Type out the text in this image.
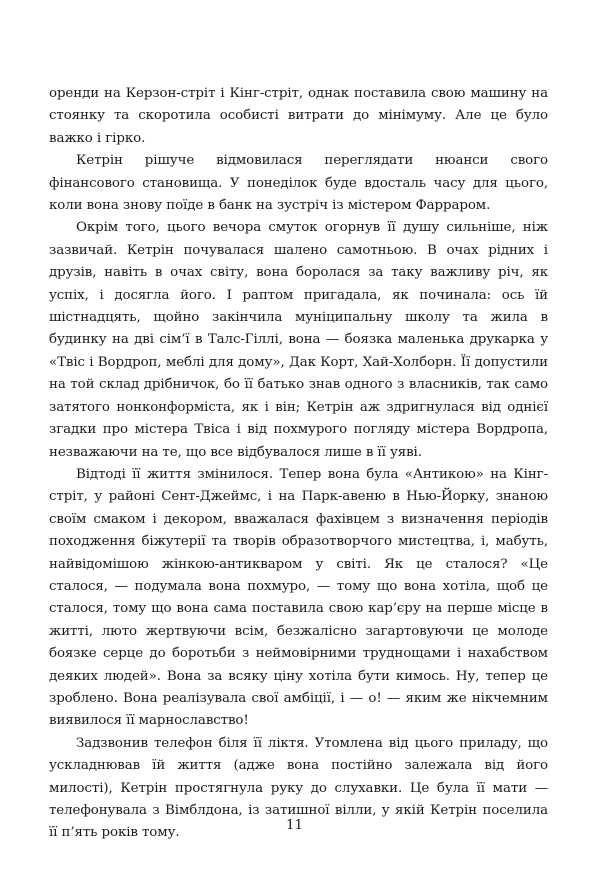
оренди на Керзон-стріт і Кінг-стріт, однак поставила свою машину на стоянку та скоротила особисті витрати до мінімуму. Але це було важко і гірко.

Кетрін рішуче відмовилася переглядати нюанси свого фінансового становища. У понеділок буде вдосталь часу для цього, коли вона знову поїде в банк на зустріч із містером Фарраром.

Окрім того, цього вечора смуток огорнув її душу сильніше, ніж зазвичай. Кетрін почувалася шалено самотньою. В очах рідних і друзів, навіть в очах світу, вона боролася за таку важливу річ, як успіх, і досягла його. І раптом пригадала, як починала: ось їй шістнадцять, щойно закінчила муніципальну школу та жила в будинку на дві сім’ї в Талс-Гіллі, вона — боязка маленька друкарка у «Твіс і Вордроп, меблі для дому», Дак Корт, Хай-Холборн. Її допустили на той склад дрібничок, бо її батько знав одного з власників, так само затятого нонконформіста, як і він; Кетрін аж здригнулася від однієї згадки про містера Твіса і від похмурого погляду містера Вордропа, незважаючи на те, що все відбувалося лише в її уяві.

Відтоді її життя змінилося. Тепер вона була «Антикою» на Кінг-стріт, у районі Сент-Джеймс, і на Парк-авеню в Нью-Йорку, знаною своїм смаком і декором, вважалася фахівцем з визначення періодів походження біжутерії та творів образотворчого мистецтва, і, мабуть, найвідомішою жінкою-антикваром у світі. Як це сталося? «Це сталося, — подумала вона похмуро, — тому що вона хотіла, щоб це сталося, тому що вона сама поставила свою кар’єру на перше місце в житті, люто жертвуючи всім, безжалісно загартовуючи це молоде боязке серце до боротьби з неймовірними труднощами і нахабством деяких людей». Вона за всяку ціну хотіла бути кимось. Ну, тепер це зроблено. Вона реалізувала свої амбіції, і — о! — яким же нікчемним виявилося її марнославство!

Задзвонив телефон біля її ліктя. Утомлена від цього приладу, що ускладнював їй життя (адже вона постійно залежала від його милості), Кетрін простягнула руку до слухавки. Це була її мати — телефонувала з Вімблдона, із затишної вілли, у якій Кетрін поселила її п’ять років тому.	11
